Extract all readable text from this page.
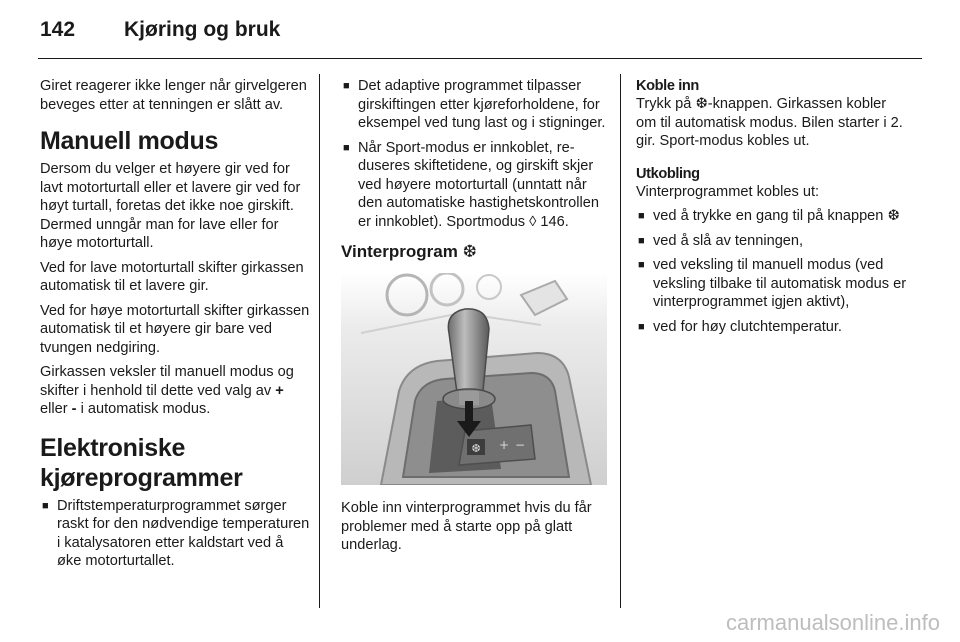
142	Kjøring og bruk

Giret reagerer ikke lenger når girvelgeren beveges etter at tenningen er slått av.

Manuell modus

Dersom du velger et høyere gir ved for lavt motorturtall eller et lavere gir ved for høyt turtall, foretas det ikke noe girskift. Dermed unngår man for lave eller for høye motorturtall.

Ved for lave motorturtall skifter girkassen automatisk til et lavere gir.

Ved for høye motorturtall skifter girkassen automatisk til et høyere gir bare ved tvungen nedgiring.

Girkassen veksler til manuell modus og skifter i henhold til dette ved valg av + eller - i automatisk modus.

Elektroniske kjøreprogrammer
■ Driftstemperaturprogrammet sørger raskt for den nødvendige temperaturen i katalysatoren etter kaldstart ved å øke motorturtallet.
■ Det adaptive programmet tilpasser girskiftingen etter kjøreforholdene, for eksempel ved tung last og i stigninger.
■ Når Sport-modus er innkoblet, reduseres skiftetidene, og girskift skjer ved høyere motorturtall (unntatt når den automatiske hastighetskontrollen er innkoblet). Sportmodus ◊ 146.
Vinterprogram ❆
❆ + −

Koble inn vinterprogrammet hvis du får problemer med å starte opp på glatt underlag.

Koble inn

Trykk på ❆-knappen. Girkassen kobler om til automatisk modus. Bilen starter i 2. gir. Sport-modus kobles ut.

Utkobling

Vinterprogrammet kobles ut:

■ ved å trykke en gang til på knappen ❆
■ ved å slå av tenningen,
■ ved veksling til manuell modus (ved veksling tilbake til automatisk modus er vinterprogrammet igjen aktivt),
■ ved for høy clutchtemperatur.
carmanualsonline.info
